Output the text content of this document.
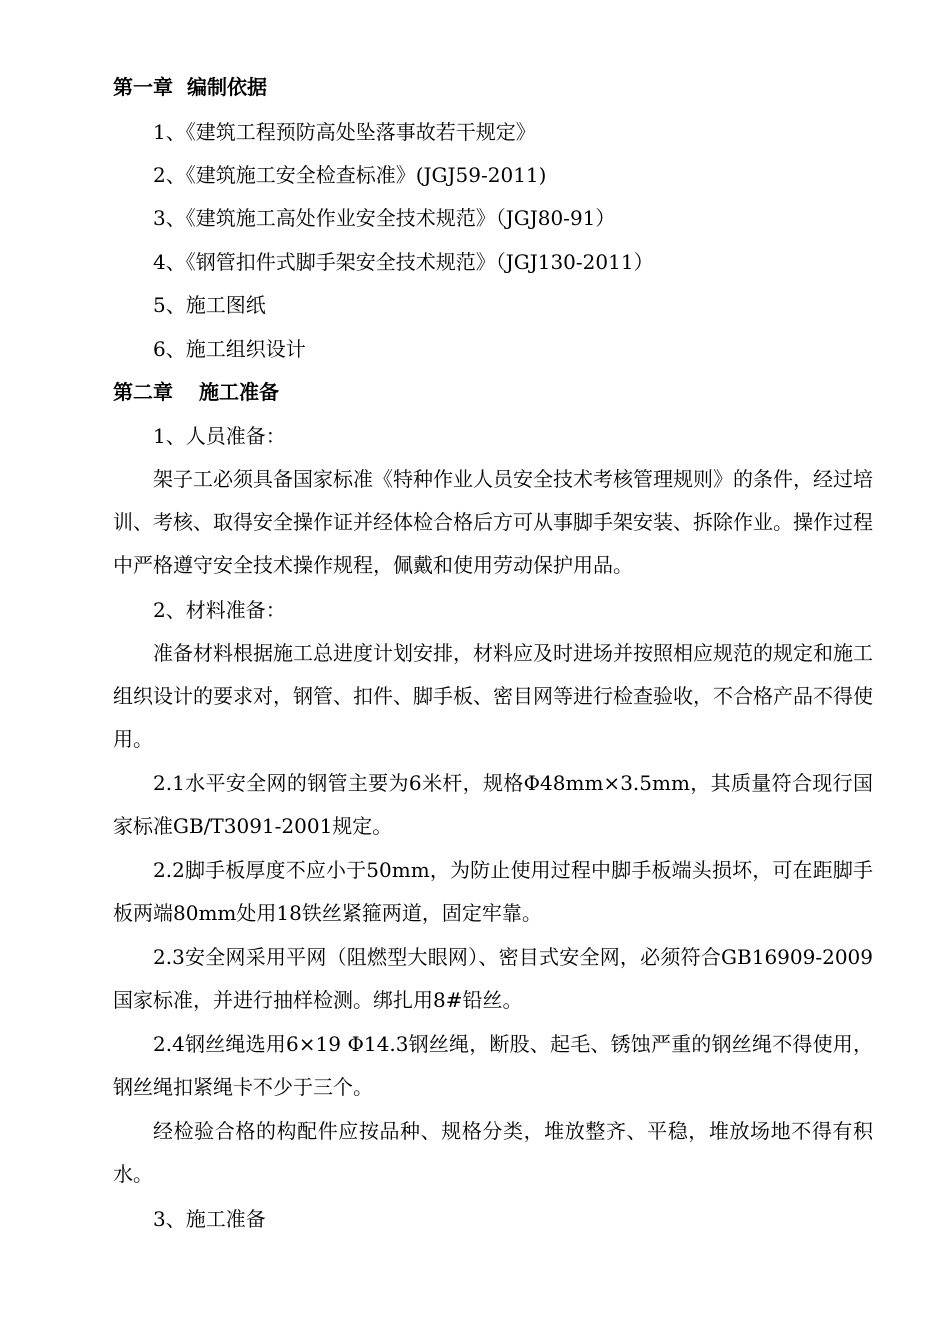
第一章 编制依据
1、《建筑工程预防高处坠落事故若干规定》
2、《建筑施工安全检查标准》(JGJ59-2011)
3、《建筑施工高处作业安全技术规范》（JGJ80-91）
4、《钢管扣件式脚手架安全技术规范》（JGJ130-2011）
5、施工图纸
6、施工组织设计
第二章 施工准备
1、人员准备：
架子工必须具备国家标准《特种作业人员安全技术考核管理规则》的条件，经过培训、考核、取得安全操作证并经体检合格后方可从事脚手架安装、拆除作业。操作过程中严格遵守安全技术操作规程，佩戴和使用劳动保护用品。
2、材料准备：
准备材料根据施工总进度计划安排，材料应及时进场并按照相应规范的规定和施工组织设计的要求对，钢管、扣件、脚手板、密目网等进行检查验收，不合格产品不得使用。
2.1水平安全网的钢管主要为6米杆，规格Φ48mm×3.5mm，其质量符合现行国家标准GB/T3091-2001规定。
2.2脚手板厚度不应小于50mm，为防止使用过程中脚手板端头损坏，可在距脚手板两端80mm处用18铁丝紧箍两道，固定牢靠。
2.3安全网采用平网（阻燃型大眼网）、密目式安全网，必须符合GB16909-2009国家标准，并进行抽样检测。绑扎用8#铅丝。
2.4钢丝绳选用6×19 Φ14.3钢丝绳，断股、起毛、锈蚀严重的钢丝绳不得使用，钢丝绳扣紧绳卡不少于三个。
经检验合格的构配件应按品种、规格分类，堆放整齐、平稳，堆放场地不得有积水。
3、施工准备
